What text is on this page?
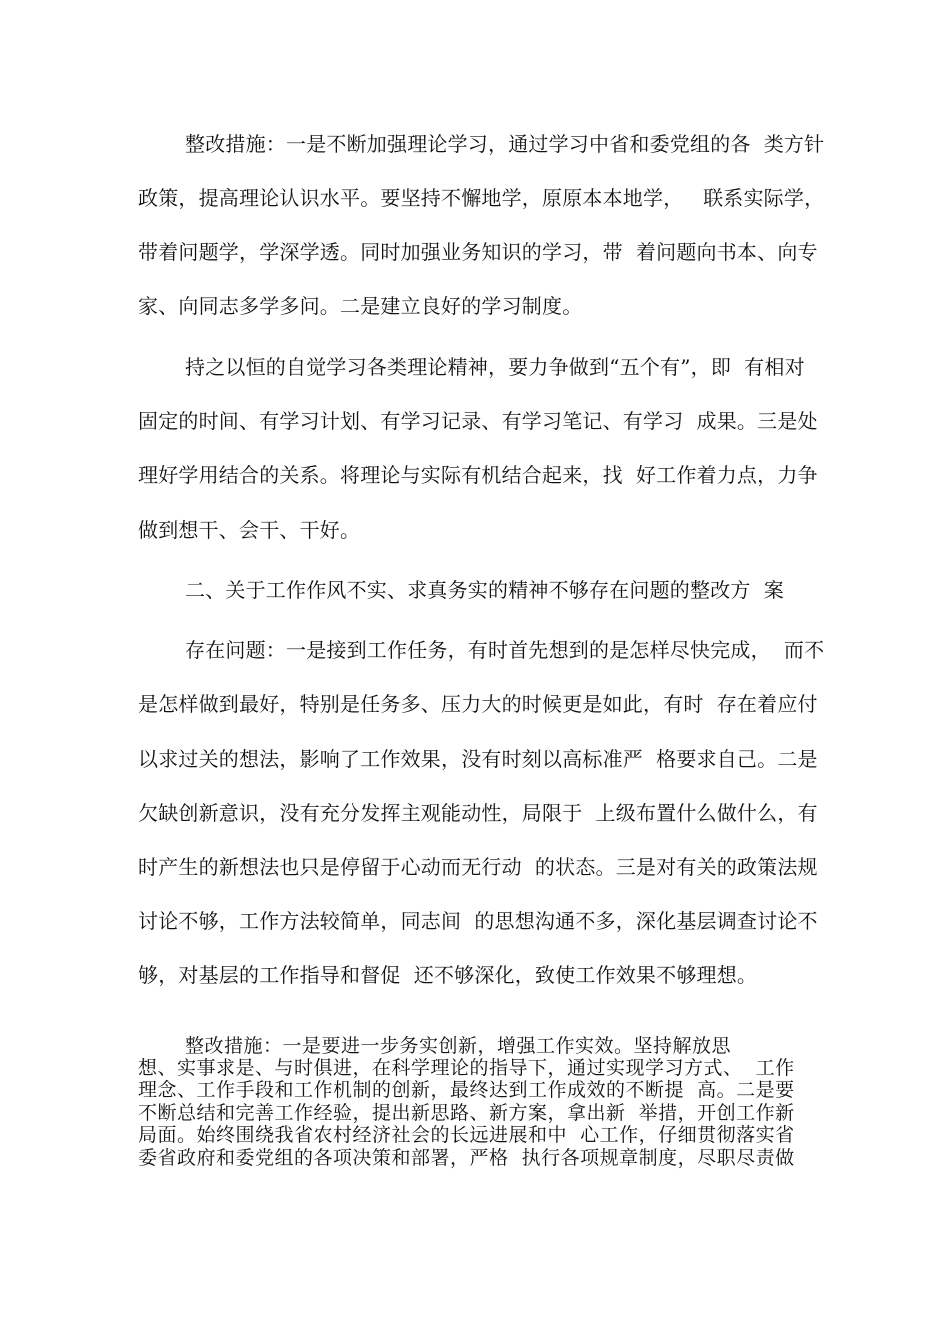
整改措施：一是不断加强理论学习，通过学习中省和委党组的各  类方针
政策，提高理论认识水平。要坚持不懈地学，原原本本地学，   联系实际学，
带着问题学，学深学透。同时加强业务知识的学习，带  着问题向书本、向专
家、向同志多学多问。二是建立良好的学习制度。
持之以恒的自觉学习各类理论精神，要力争做到“五个有”，即  有相对
固定的时间、有学习计划、有学习记录、有学习笔记、有学习  成果。三是处
理好学用结合的关系。将理论与实际有机结合起来，找  好工作着力点，力争
做到想干、会干、干好。
二、关于工作作风不实、求真务实的精神不够存在问题的整改方  案
存在问题：一是接到工作任务，有时首先想到的是怎样尽快完成，  而不
是怎样做到最好，特别是任务多、压力大的时候更是如此，有时  存在着应付
以求过关的想法，影响了工作效果，没有时刻以高标准严  格要求自己。二是
欠缺创新意识，没有充分发挥主观能动性，局限于  上级布置什么做什么，有
时产生的新想法也只是停留于心动而无行动  的状态。三是对有关的政策法规
讨论不够，工作方法较简单，同志间  的思想沟通不多，深化基层调查讨论不
够，对基层的工作指导和督促  还不够深化，致使工作效果不够理想。
整改措施：一是要进一步务实创新，增强工作实效。坚持解放思
想、实事求是、与时俱进，在科学理论的指导下，通过实现学习方式、  工作
理念、工作手段和工作机制的创新，最终达到工作成效的不断提  高。二是要
不断总结和完善工作经验，提出新思路、新方案，拿出新  举措，开创工作新
局面。始终围绕我省农村经济社会的长远进展和中  心工作，仔细贯彻落实省
委省政府和委党组的各项决策和部署，严格  执行各项规章制度，尽职尽责做
